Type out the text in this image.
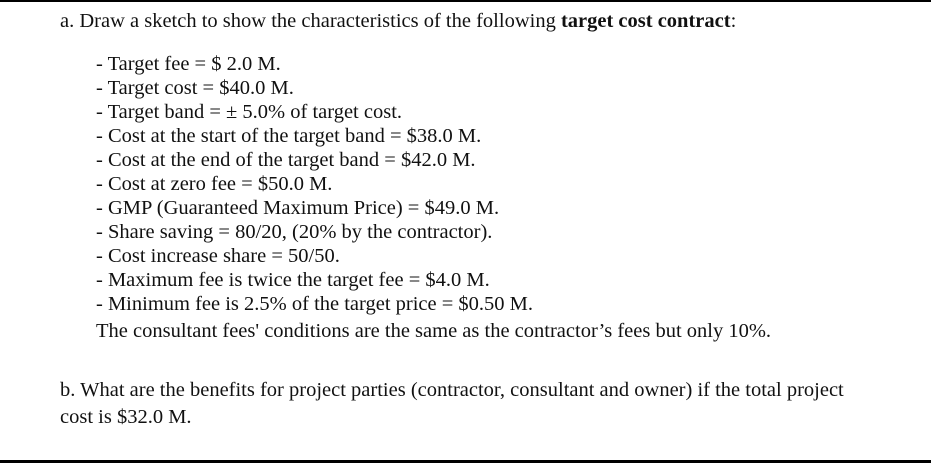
a. Draw a sketch to show the characteristics of the following target cost contract:
- Target fee = $ 2.0 M.
- Target cost = $40.0 M.
- Target band = ± 5.0% of target cost.
- Cost at the start of the target band = $38.0 M.
- Cost at the end of the target band = $42.0 M.
- Cost at zero fee = $50.0 M.
- GMP (Guaranteed Maximum Price) = $49.0 M.
- Share saving = 80/20, (20% by the contractor).
- Cost increase share = 50/50.
- Maximum fee is twice the target fee = $4.0 M.
- Minimum fee is 2.5% of the target price = $0.50 M.
The consultant fees' conditions are the same as the contractor’s fees but only 10%.
b. What are the benefits for project parties (contractor, consultant and owner) if the total project
cost is $32.0 M.
